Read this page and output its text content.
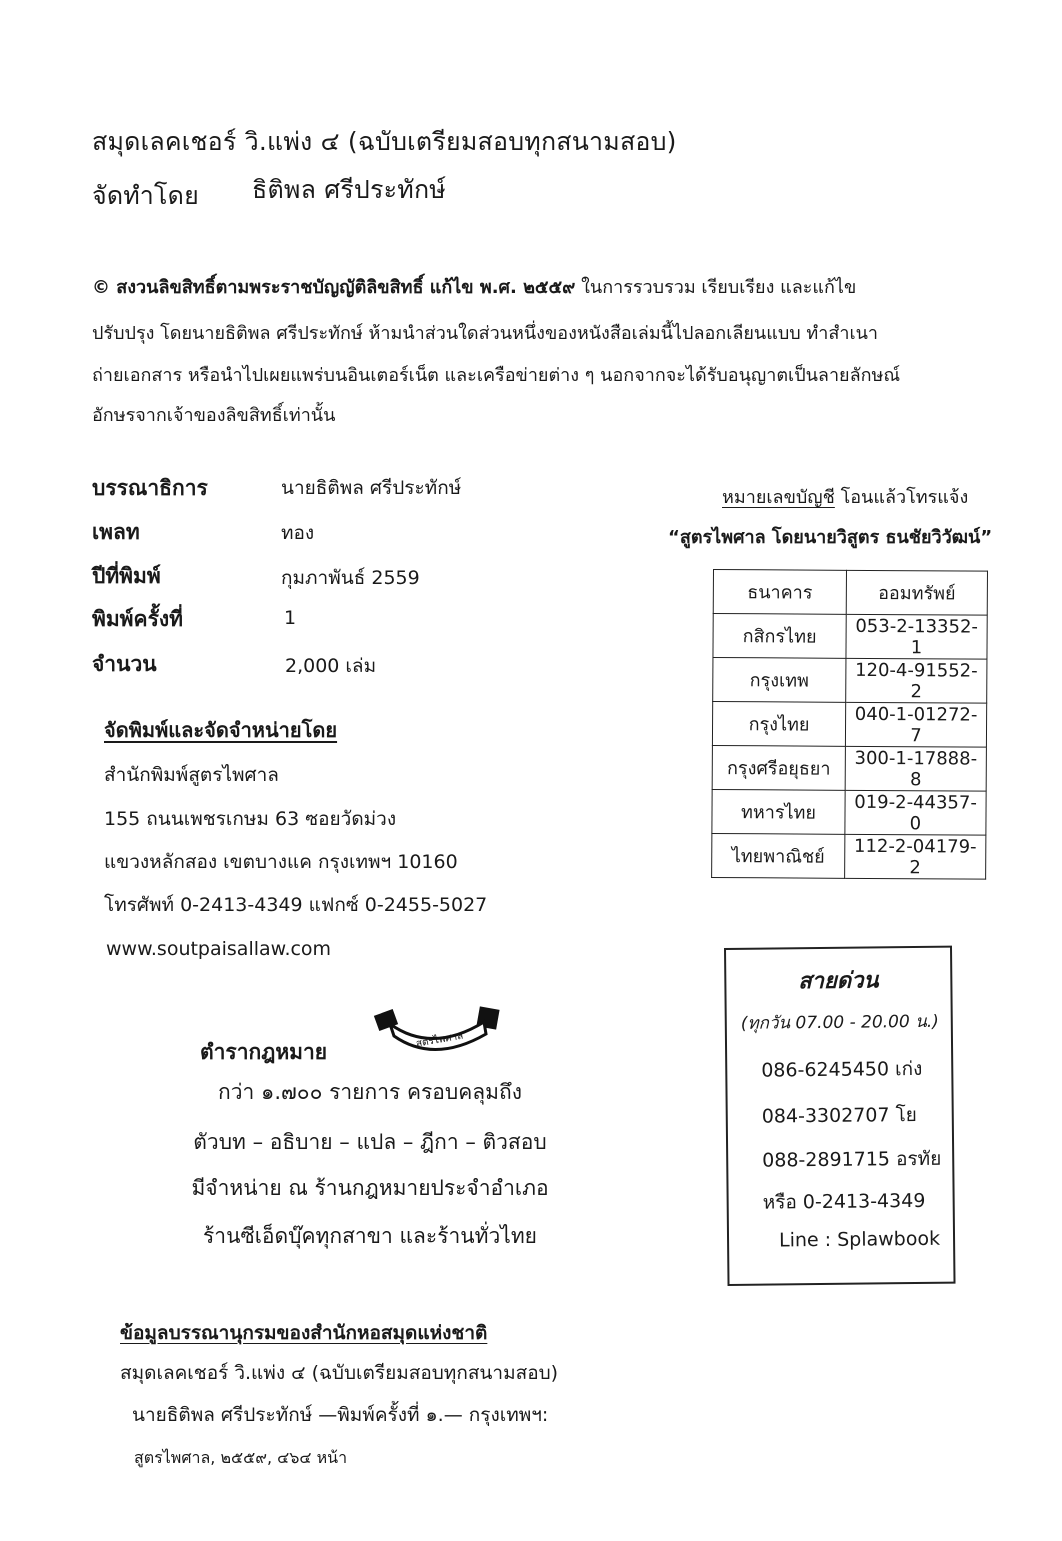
สมุดเลคเชอร์ วิ.แพ่ง ๔ (ฉบับเตรียมสอบทุกสนามสอบ)
จัดทำโดย ธิติพล ศรีประทักษ์
© สงวนลิขสิทธิ์ตามพระราชบัญญัติลิขสิทธิ์ แก้ไข พ.ศ. ๒๕๕๙ ในการรวบรวม เรียบเรียง และแก้ไข
ปรับปรุง โดยนายธิติพล ศรีประทักษ์ ห้ามนำส่วนใดส่วนหนึ่งของหนังสือเล่มนี้ไปลอกเลียนแบบ ทำสำเนา
ถ่ายเอกสาร หรือนำไปเผยแพร่บนอินเตอร์เน็ต และเครือข่ายต่าง ๆ นอกจากจะได้รับอนุญาตเป็นลายลักษณ์
อักษรจากเจ้าของลิขสิทธิ์เท่านั้น
บรรณาธิการ	นายธิติพล ศรีประทักษ์
เพลท	ทอง
ปีที่พิมพ์	กุมภาพันธ์ 2559
พิมพ์ครั้งที่	1
จำนวน	2,000 เล่ม
หมายเลขบัญชี โอนแล้วโทรแจ้ง
“สูตรไพศาล โดยนายวิสูตร ธนชัยวิวัฒน์”
ธนาคาร	ออมทรัพย์
กสิกรไทย	053-2-13352-1
กรุงเทพ	120-4-91552-2
กรุงไทย	040-1-01272-7
กรุงศรีอยุธยา	300-1-17888-8
ทหารไทย	019-2-44357-0
ไทยพาณิชย์	112-2-04179-2
จัดพิมพ์และจัดจำหน่ายโดย
สำนักพิมพ์สูตรไพศาล
155 ถนนเพชรเกษม 63 ซอยวัดม่วง
แขวงหลักสอง เขตบางแค กรุงเทพฯ 10160
โทรศัพท์ 0-2413-4349 แฟกซ์ 0-2455-5027
www.soutpaisallaw.com
สายด่วน
(ทุกวัน 07.00 - 20.00 น.)
086-6245450 เก่ง
084-3302707 โย
088-2891715 อรทัย
หรือ 0-2413-4349
Line : Splawbook
ตำรากฎหมาย	สูตรไพศาล
กว่า ๑.๗๐๐ รายการ ครอบคลุมถึง
ตัวบท – อธิบาย – แปล – ฎีกา – ติวสอบ
มีจำหน่าย ณ ร้านกฎหมายประจำอำเภอ
ร้านซีเอ็ดบุ๊คทุกสาขา และร้านทั่วไทย
ข้อมูลบรรณานุกรมของสำนักหอสมุดแห่งชาติ
สมุดเลคเชอร์ วิ.แพ่ง ๔ (ฉบับเตรียมสอบทุกสนามสอบ)
นายธิติพล ศรีประทักษ์ —พิมพ์ครั้งที่ ๑.— กรุงเทพฯ:
สูตรไพศาล, ๒๕๕๙, ๔๖๔ หน้า
